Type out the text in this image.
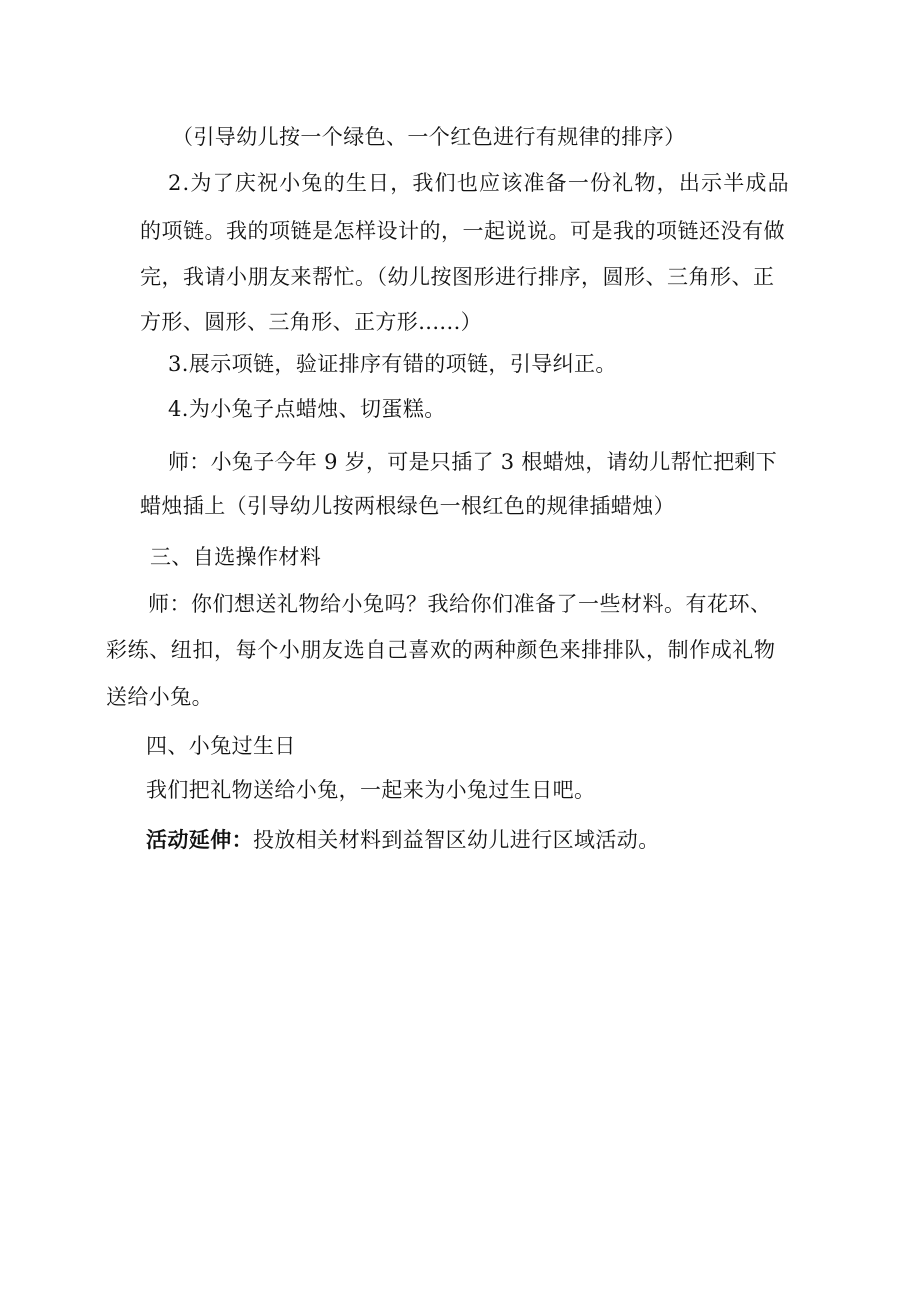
（引导幼儿按一个绿色、一个红色进行有规律的排序）
2.为了庆祝小兔的生日，我们也应该准备一份礼物，出示半成品
的项链。我的项链是怎样设计的，一起说说。可是我的项链还没有做
完，我请小朋友来帮忙。（幼儿按图形进行排序，圆形、三角形、正
方形、圆形、三角形、正方形......）
3.展示项链，验证排序有错的项链，引导纠正。
4.为小兔子点蜡烛、切蛋糕。
师：小兔子今年 9 岁，可是只插了 3 根蜡烛，请幼儿帮忙把剩下
蜡烛插上（引导幼儿按两根绿色一根红色的规律插蜡烛）
三、自选操作材料
师：你们想送礼物给小兔吗？我给你们准备了一些材料。有花环、
彩练、纽扣，每个小朋友选自己喜欢的两种颜色来排排队，制作成礼物
送给小兔。
四、小兔过生日
我们把礼物送给小兔，一起来为小兔过生日吧。
活动延伸：投放相关材料到益智区幼儿进行区域活动。
